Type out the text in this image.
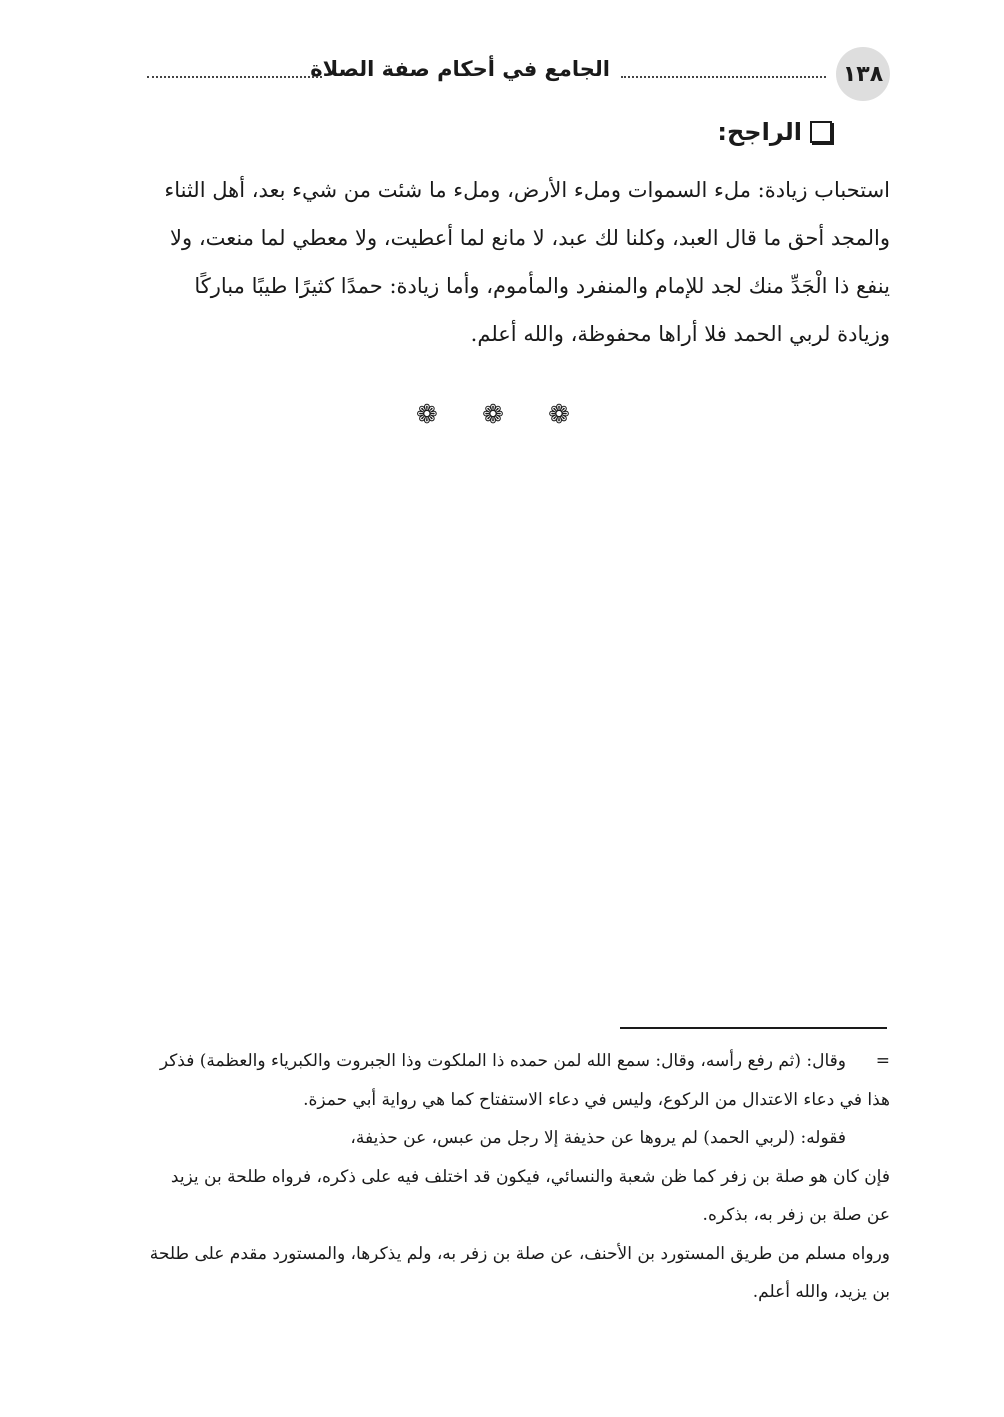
١٣٨
الجامع في أحكام صفة الصلاة
الراجح:

استحباب زيادة: ملء السموات وملء الأرض، وملء ما شئت من شيء بعد، أهل الثناء والمجد أحق ما قال العبد، وكلنا لك عبد، لا مانع لما أعطيت، ولا معطي لما منعت، ولا ينفع ذا الْجَدِّ منك لجد للإمام والمنفرد والمأموم، وأما زيادة: حمدًا كثيرًا طيبًا مباركًا وزيادة لربي الحمد فلا أراها محفوظة، والله أعلم.

❁ ❁ ❁

=وقال: (ثم رفع رأسه، وقال: سمع الله لمن حمده ذا الملكوت وذا الجبروت والكبرياء والعظمة) فذكر هذا في دعاء الاعتدال من الركوع، وليس في دعاء الاستفتاح كما هي رواية أبي حمزة.

فقوله: (لربي الحمد) لم يروها عن حذيفة إلا رجل من عبس، عن حذيفة،

فإن كان هو صلة بن زفر كما ظن شعبة والنسائي، فيكون قد اختلف فيه على ذكره، فرواه طلحة بن يزيد عن صلة بن زفر به، بذكره.

ورواه مسلم من طريق المستورد بن الأحنف، عن صلة بن زفر به، ولم يذكرها، والمستورد مقدم على طلحة بن يزيد، والله أعلم.
